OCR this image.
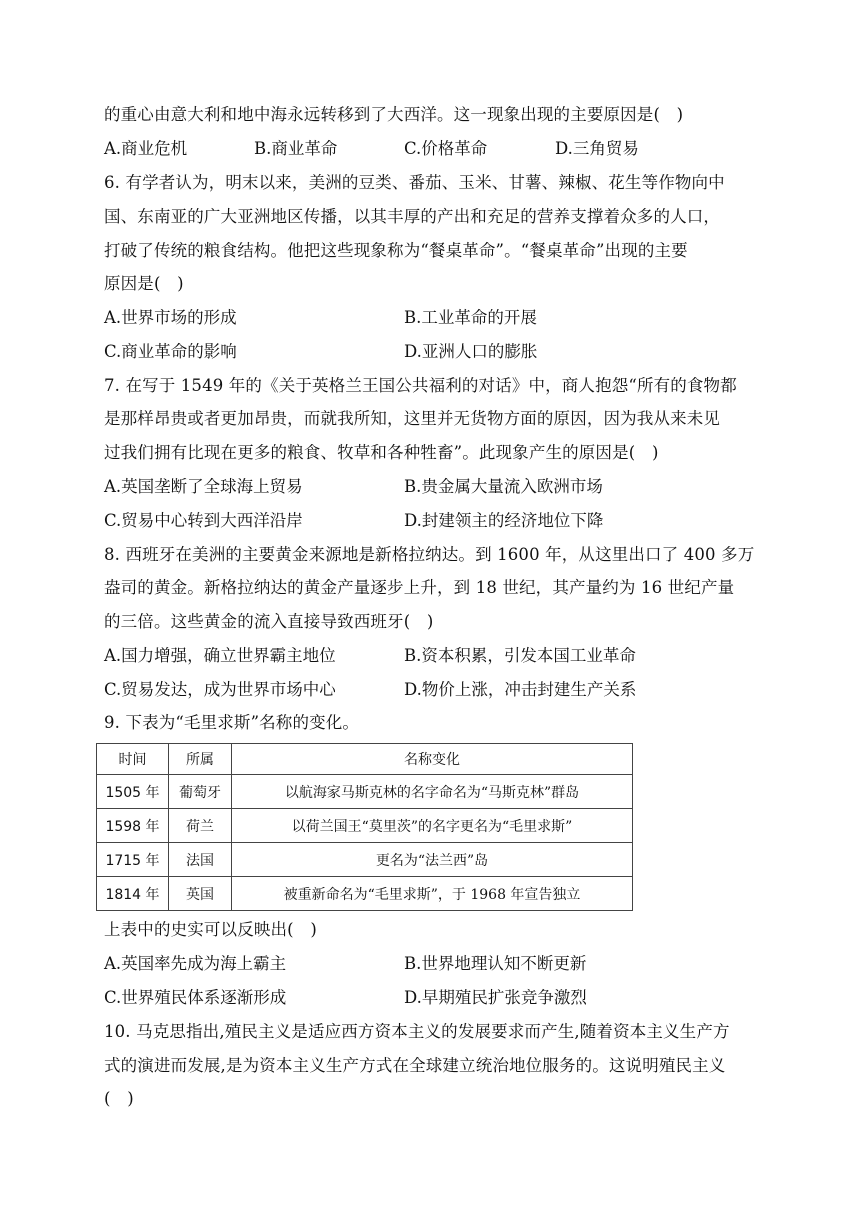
的重心由意大利和地中海永远转移到了大西洋。这一现象出现的主要原因是(　)
A.商业危机	B.商业革命	C.价格革命	D.三角贸易
6. 有学者认为，明末以来，美洲的豆类、番茄、玉米、甘薯、辣椒、花生等作物向中
国、东南亚的广大亚洲地区传播，以其丰厚的产出和充足的营养支撑着众多的人口，
打破了传统的粮食结构。他把这些现象称为“餐桌革命”。“餐桌革命”出现的主要
原因是(　)
A.世界市场的形成	B.工业革命的开展
C.商业革命的影响	D.亚洲人口的膨胀
7. 在写于 1549 年的《关于英格兰王国公共福利的对话》中，商人抱怨“所有的食物都
是那样昂贵或者更加昂贵，而就我所知，这里并无货物方面的原因，因为我从来未见
过我们拥有比现在更多的粮食、牧草和各种牲畜”。此现象产生的原因是(　)
A.英国垄断了全球海上贸易	B.贵金属大量流入欧洲市场
C.贸易中心转到大西洋沿岸	D.封建领主的经济地位下降
8. 西班牙在美洲的主要黄金来源地是新格拉纳达。到 1600 年，从这里出口了 400 多万
盎司的黄金。新格拉纳达的黄金产量逐步上升，到 18 世纪，其产量约为 16 世纪产量
的三倍。这些黄金的流入直接导致西班牙(　)
A.国力增强，确立世界霸主地位	B.资本积累，引发本国工业革命
C.贸易发达，成为世界市场中心	D.物价上涨，冲击封建生产关系
9. 下表为“毛里求斯”名称的变化。
时间	所属	名称变化
1505 年	葡萄牙	以航海家马斯克林的名字命名为“马斯克林”群岛
1598 年	荷兰	以荷兰国王“莫里茨”的名字更名为“毛里求斯”
1715 年	法国	更名为“法兰西”岛
1814 年	英国	被重新命名为“毛里求斯”，于 1968 年宣告独立
上表中的史实可以反映出(　)
A.英国率先成为海上霸主	B.世界地理认知不断更新
C.世界殖民体系逐渐形成	D.早期殖民扩张竞争激烈
10. 马克思指出,殖民主义是适应西方资本主义的发展要求而产生,随着资本主义生产方
式的演进而发展,是为资本主义生产方式在全球建立统治地位服务的。这说明殖民主义
(　)
